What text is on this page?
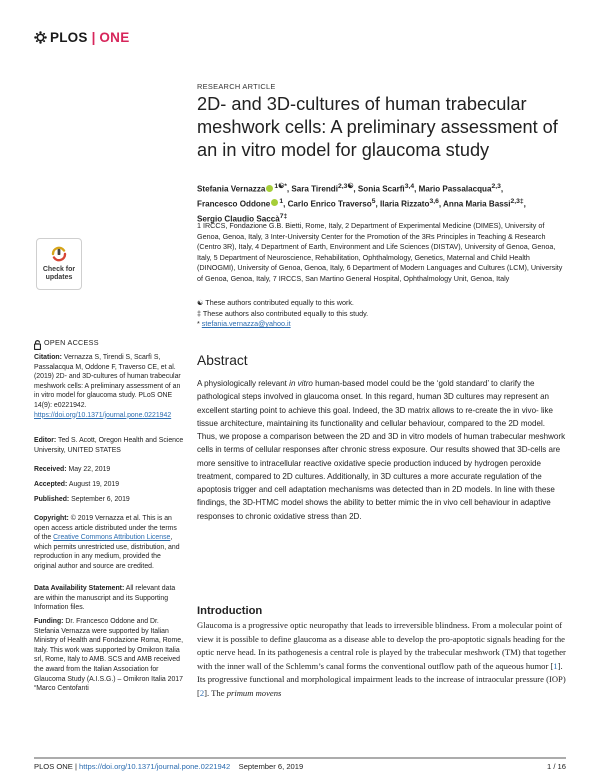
PLOS | ONE
Check for
updates
OPEN ACCESS
Citation: Vernazza S, Tirendi S, Scarfì S, Passalacqua M, Oddone F, Traverso CE, et al. (2019) 2D- and 3D-cultures of human trabecular meshwork cells: A preliminary assessment of an in vitro model for glaucoma study. PLoS ONE 14(9): e0221942. https://doi.org/10.1371/journal.pone.0221942
Editor: Ted S. Acott, Oregon Health and Science University, UNITED STATES
Received: May 22, 2019
Accepted: August 19, 2019
Published: September 6, 2019
Copyright: © 2019 Vernazza et al. This is an open access article distributed under the terms of the Creative Commons Attribution License, which permits unrestricted use, distribution, and reproduction in any medium, provided the original author and source are credited.
Data Availability Statement: All relevant data are within the manuscript and its Supporting Information files.
Funding: Dr. Francesco Oddone and Dr. Stefania Vernazza were supported by Italian Ministry of Health and Fondazione Roma, Rome, Italy. This work was supported by Omikron Italia srl, Rome, Italy to AMB. SCS and AMB received the award from the Italian Association for Glaucoma Study (A.I.S.G.) – Omikron Italia 2017 “Marco Centofanti
RESEARCH ARTICLE
2D- and 3D-cultures of human trabecular meshwork cells: A preliminary assessment of an in vitro model for glaucoma study
Stefania Vernazza $^{1☯*}$, Sara Tirendi$^{2,3☯}$, Sonia Scarfì$^{3,4}$, Mario Passalacqua$^{2,3}$,
Francesco Oddone $^1$, Carlo Enrico Traverso$^5$, Ilaria Rizzato$^{3,6}$, Anna Maria Bassi$^{2,3\ddagger}$,
Sergio Claudio Saccà$^{7\ddagger}$
1 IRCCS, Fondazione G.B. Bietti, Rome, Italy, 2 Department of Experimental Medicine (DIMES), University of Genoa, Genoa, Italy, 3 Inter-University Center for the Promotion of the 3Rs Principles in Teaching & Research (Centro 3R), Italy, 4 Department of Earth, Environment and Life Sciences (DISTAV), University of Genoa, Genoa, Italy, 5 Department of Neuroscience, Rehabilitation, Ophthalmology, Genetics, Maternal and Child Health (DINOGMI), University of Genoa, Genoa, Italy, 6 Department of Modern Languages and Cultures (LCM), University of Genoa, Genoa, Italy, 7 IRCCS, San Martino General Hospital, Ophthalmology Unit, Genoa, Italy
☯ These authors contributed equally to this work.
‡ These authors also contributed equally to this study.
* stefania.vernazza@yahoo.it
Abstract
A physiologically relevant in vitro human-based model could be the ‘gold standard’ to clarify the pathological steps involved in glaucoma onset. In this regard, human 3D cultures may represent an excellent starting point to achieve this goal. Indeed, the 3D matrix allows to re-create the in vivo- like tissue architecture, maintaining its functionality and cellular behaviour, compared to the 2D model. Thus, we propose a comparison between the 2D and 3D in vitro models of human trabecular meshwork cells in terms of cellular responses after chronic stress exposure. Our results showed that 3D-cells are more sensitive to intracellular reactive oxidative specie production induced by hydrogen peroxide treatment, compared to 2D cultures. Additionally, in 3D cultures a more accurate regulation of the apoptosis trigger and cell adaptation mechanisms was detected than in 2D models. In line with these findings, the 3D-HTMC model shows the ability to better mimic the in vivo cell behaviour in adaptive responses to chronic oxidative stress than 2D.
Introduction
Glaucoma is a progressive optic neuropathy that leads to irreversible blindness. From a molecular point of view it is possible to define glaucoma as a disease able to develop the pro-apoptotic signals heading for the optic nerve head. In its pathogenesis a central role is played by the trabecular meshwork (TM) that together with the inner wall of the Schlemm’s canal forms the conventional outflow path of the aqueous humor [1]. Its progressive functional and morphological impairment leads to the increase of intraocular pressure (IOP) [2]. The primum movens
PLOS ONE | https://doi.org/10.1371/journal.pone.0221942 September 6, 2019	1 / 16
